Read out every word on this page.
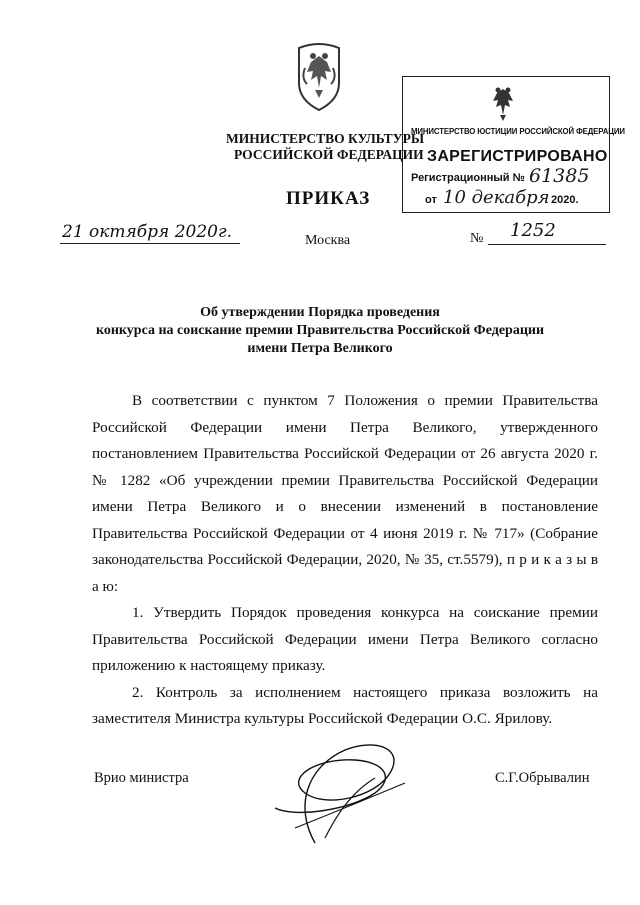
МИНИСТЕРСТВО КУЛЬТУРЫ
РОССИЙСКОЙ ФЕДЕРАЦИИ
МИНИСТЕРСТВО ЮСТИЦИИ РОССИЙСКОЙ ФЕДЕРАЦИИ
ЗАРЕГИСТРИРОВАНО
Регистрационный № 61385
от 10 декабря 2020.
ПРИКАЗ
21 октября 2020г.	Москва	№ 1252
Об утверждении Порядка проведения
конкурса на соискание премии Правительства Российской Федерации
имени Петра Великого

В соответствии с пунктом 7 Положения о премии Правительства Российской Федерации имени Петра Великого, утвержденного постановлением Правительства Российской Федерации от 26 августа 2020 г. № 1282 «Об учреждении премии Правительства Российской Федерации имени Петра Великого и о внесении изменений в постановление Правительства Российской Федерации от 4 июня 2019 г. № 717» (Собрание законодательства Российской Федерации, 2020, № 35, ст.5579), п р и к а з ы в а ю:

1. Утвердить Порядок проведения конкурса на соискание премии Правительства Российской Федерации имени Петра Великого согласно приложению к настоящему приказу.

2. Контроль за исполнением настоящего приказа возложить на заместителя Министра культуры Российской Федерации О.С. Ярилову.

Врио министра	С.Г.Обрывалин
